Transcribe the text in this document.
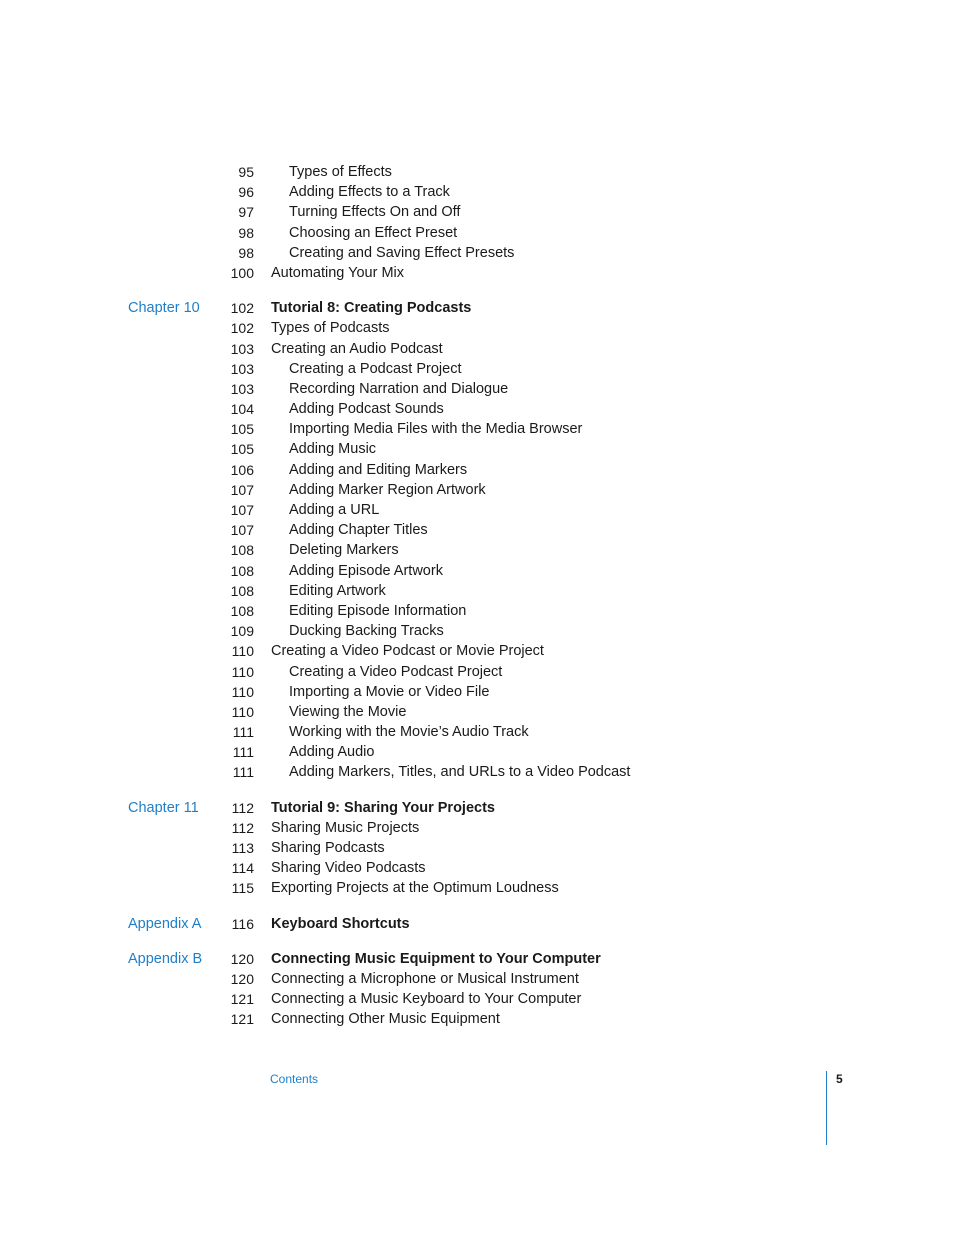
95 Types of Effects
96 Adding Effects to a Track
97 Turning Effects On and Off
98 Choosing an Effect Preset
98 Creating and Saving Effect Presets
100 Automating Your Mix
Chapter 10 102 Tutorial 8: Creating Podcasts
102 Types of Podcasts
103 Creating an Audio Podcast
103 Creating a Podcast Project
103 Recording Narration and Dialogue
104 Adding Podcast Sounds
105 Importing Media Files with the Media Browser
105 Adding Music
106 Adding and Editing Markers
107 Adding Marker Region Artwork
107 Adding a URL
107 Adding Chapter Titles
108 Deleting Markers
108 Adding Episode Artwork
108 Editing Artwork
108 Editing Episode Information
109 Ducking Backing Tracks
110 Creating a Video Podcast or Movie Project
110 Creating a Video Podcast Project
110 Importing a Movie or Video File
110 Viewing the Movie
111 Working with the Movie’s Audio Track
111 Adding Audio
111 Adding Markers, Titles, and URLs to a Video Podcast
Chapter 11 112 Tutorial 9: Sharing Your Projects
112 Sharing Music Projects
113 Sharing Podcasts
114 Sharing Video Podcasts
115 Exporting Projects at the Optimum Loudness
Appendix A 116 Keyboard Shortcuts
Appendix B 120 Connecting Music Equipment to Your Computer
120 Connecting a Microphone or Musical Instrument
121 Connecting a Music Keyboard to Your Computer
121 Connecting Other Music Equipment
Contents	5
